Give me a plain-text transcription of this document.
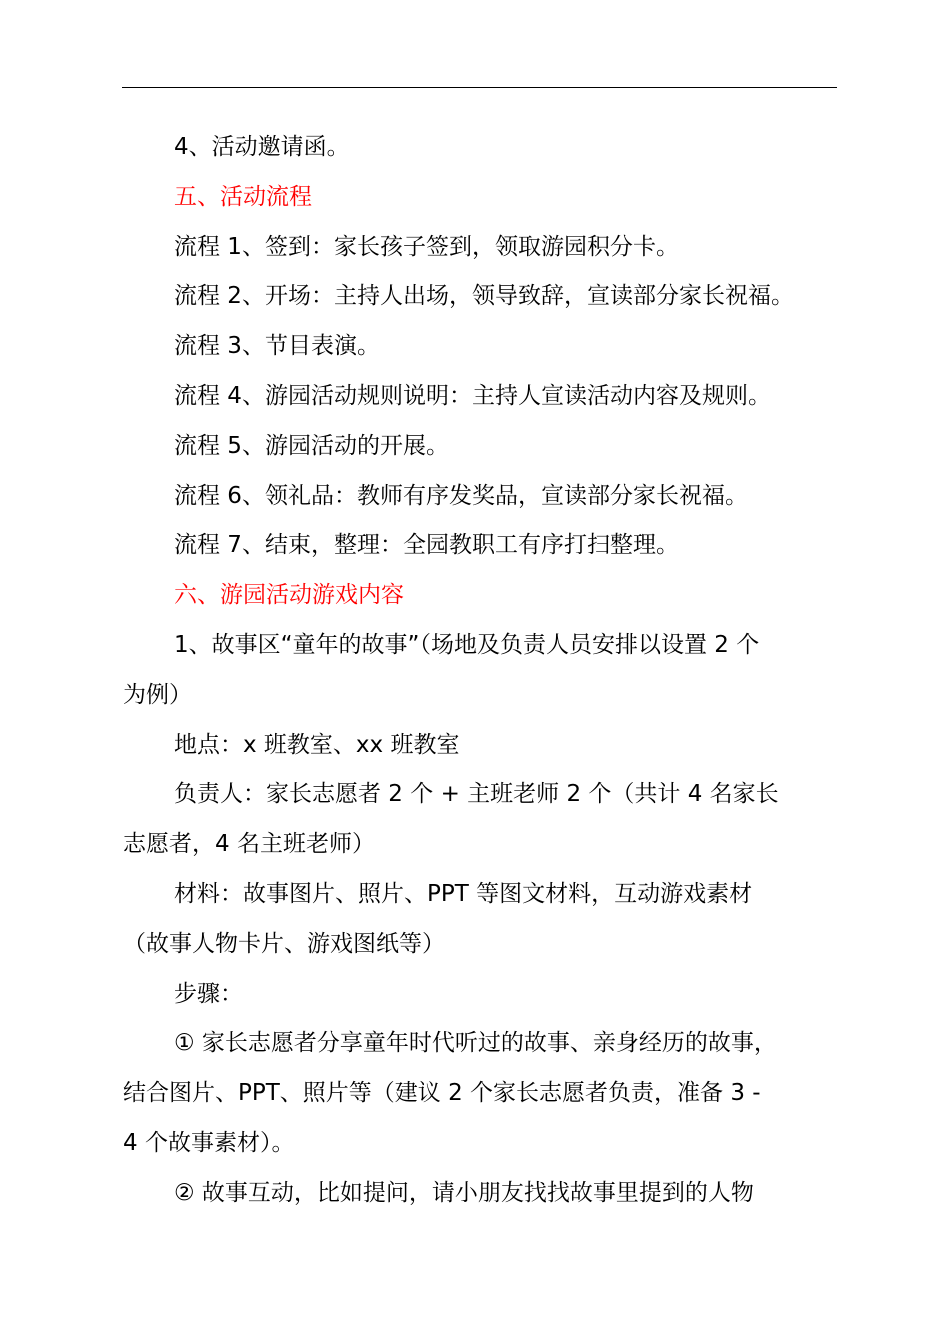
4、活动邀请函。
五、活动流程
流程 1、签到：家长孩子签到，领取游园积分卡。
流程 2、开场：主持人出场，领导致辞，宣读部分家长祝福。
流程 3、节目表演。
流程 4、游园活动规则说明：主持人宣读活动内容及规则。
流程 5、游园活动的开展。
流程 6、领礼品：教师有序发奖品，宣读部分家长祝福。
流程 7、结束，整理：全园教职工有序打扫整理。
六、游园活动游戏内容
1、故事区“童年的故事”（场地及负责人员安排以设置 2 个
为例）
地点：x 班教室、xx 班教室
负责人：家长志愿者 2 个 + 主班老师 2 个（共计 4 名家长
志愿者，4 名主班老师）
材料：故事图片、照片、PPT 等图文材料，互动游戏素材
（故事人物卡片、游戏图纸等）
步骤：
① 家长志愿者分享童年时代听过的故事、亲身经历的故事，
结合图片、PPT、照片等（建议 2 个家长志愿者负责，准备 3 -
4 个故事素材）。
② 故事互动，比如提问，请小朋友找找故事里提到的人物
